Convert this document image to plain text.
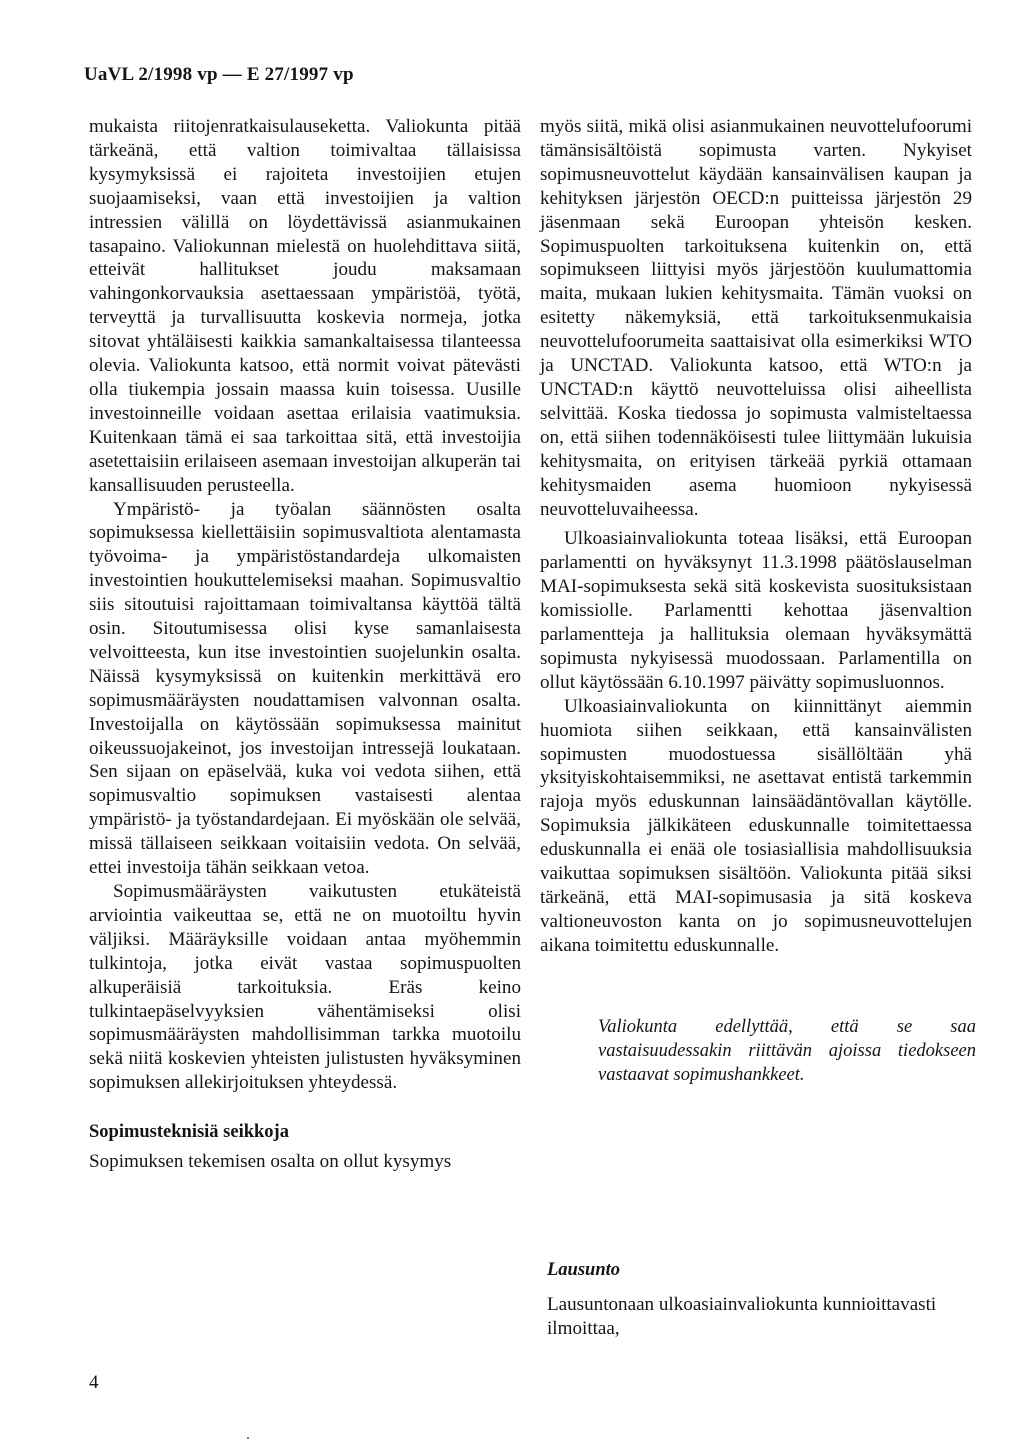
UaVL 2/1998 vp — E 27/1997 vp

mukaista riitojenratkaisulauseketta. Valiokunta pitää tärkeänä, että valtion toimivaltaa tällaisissa kysymyksissä ei rajoiteta investoijien etujen suojaamiseksi, vaan että investoijien ja valtion intressien välillä on löydettävissä asianmukainen tasapaino. Valiokunnan mielestä on huolehdittava siitä, etteivät hallitukset joudu maksamaan vahingonkorvauksia asettaessaan ympäristöä, työtä, terveyttä ja turvallisuutta koskevia normeja, jotka sitovat yhtäläisesti kaikkia samankaltaisessa tilanteessa olevia. Valiokunta katsoo, että normit voivat pätevästi olla tiukempia jossain maassa kuin toisessa. Uusille investoinneille voidaan asettaa erilaisia vaatimuksia. Kuitenkaan tämä ei saa tarkoittaa sitä, että investoijia asetettaisiin erilaiseen asemaan investoijan alkuperän tai kansallisuuden perusteella.

Ympäristö- ja työalan säännösten osalta sopimuksessa kiellettäisiin sopimusvaltiota alentamasta työvoima- ja ympäristöstandardeja ulkomaisten investointien houkuttelemiseksi maahan. Sopimusvaltio siis sitoutuisi rajoittamaan toimivaltansa käyttöä tältä osin. Sitoutumisessa olisi kyse samanlaisesta velvoitteesta, kun itse investointien suojelunkin osalta. Näissä kysymyksissä on kuitenkin merkittävä ero sopimusmääräysten noudattamisen valvonnan osalta. Investoijalla on käytössään sopimuksessa mainitut oikeussuojakeinot, jos investoijan intressejä loukataan. Sen sijaan on epäselvää, kuka voi vedota siihen, että sopimusvaltio sopimuksen vastaisesti alentaa ympäristö- ja työstandardejaan. Ei myöskään ole selvää, missä tällaiseen seikkaan voitaisiin vedota. On selvää, ettei investoija tähän seikkaan vetoa.

Sopimusmääräysten vaikutusten etukäteistä arviointia vaikeuttaa se, että ne on muotoiltu hyvin väljiksi. Määräyksille voidaan antaa myöhemmin tulkintoja, jotka eivät vastaa sopimuspuolten alkuperäisiä tarkoituksia. Eräs keino tulkintaepäselvyyksien vähentämiseksi olisi sopimusmääräysten mahdollisimman tarkka muotoilu sekä niitä koskevien yhteisten julistusten hyväksyminen sopimuksen allekirjoituksen yhteydessä.

Sopimusteknisiä seikkoja

Sopimuksen tekemisen osalta on ollut kysymys

myös siitä, mikä olisi asianmukainen neuvottelufoorumi tämänsisältöistä sopimusta varten. Nykyiset sopimusneuvottelut käydään kansainvälisen kaupan ja kehityksen järjestön OECD:n puitteissa järjestön 29 jäsenmaan sekä Euroopan yhteisön kesken. Sopimuspuolten tarkoituksena kuitenkin on, että sopimukseen liittyisi myös järjestöön kuulumattomia maita, mukaan lukien kehitysmaita. Tämän vuoksi on esitetty näkemyksiä, että tarkoituksenmukaisia neuvottelufoorumeita saattaisivat olla esimerkiksi WTO ja UNCTAD. Valiokunta katsoo, että WTO:n ja UNCTAD:n käyttö neuvotteluissa olisi aiheellista selvittää. Koska tiedossa jo sopimusta valmisteltaessa on, että siihen todennäköisesti tulee liittymään lukuisia kehitysmaita, on erityisen tärkeää pyrkiä ottamaan kehitysmaiden asema huomioon nykyisessä neuvotteluvaiheessa.

Ulkoasiainvaliokunta toteaa lisäksi, että Euroopan parlamentti on hyväksynyt 11.3.1998 päätöslauselman MAI-sopimuksesta sekä sitä koskevista suosituksistaan komissiolle. Parlamentti kehottaa jäsenvaltion parlamentteja ja hallituksia olemaan hyväksymättä sopimusta nykyisessä muodossaan. Parlamentilla on ollut käytössään 6.10.1997 päivätty sopimusluonnos.

Ulkoasiainvaliokunta on kiinnittänyt aiemmin huomiota siihen seikkaan, että kansainvälisten sopimusten muodostuessa sisällöltään yhä yksityiskohtaisemmiksi, ne asettavat entistä tarkemmin rajoja myös eduskunnan lainsäädäntövallan käytölle. Sopimuksia jälkikäteen eduskunnalle toimitettaessa eduskunnalla ei enää ole tosiasiallisia mahdollisuuksia vaikuttaa sopimuksen sisältöön. Valiokunta pitää siksi tärkeänä, että MAI-sopimusasia ja sitä koskeva valtioneuvoston kanta on jo sopimusneuvottelujen aikana toimitettu eduskunnalle.

Valiokunta edellyttää, että se saa vastaisuudessakin riittävän ajoissa tiedokseen vastaavat sopimushankkeet.

Lausunto

Lausuntonaan ulkoasiainvaliokunta kunnioittavasti ilmoittaa,

4
